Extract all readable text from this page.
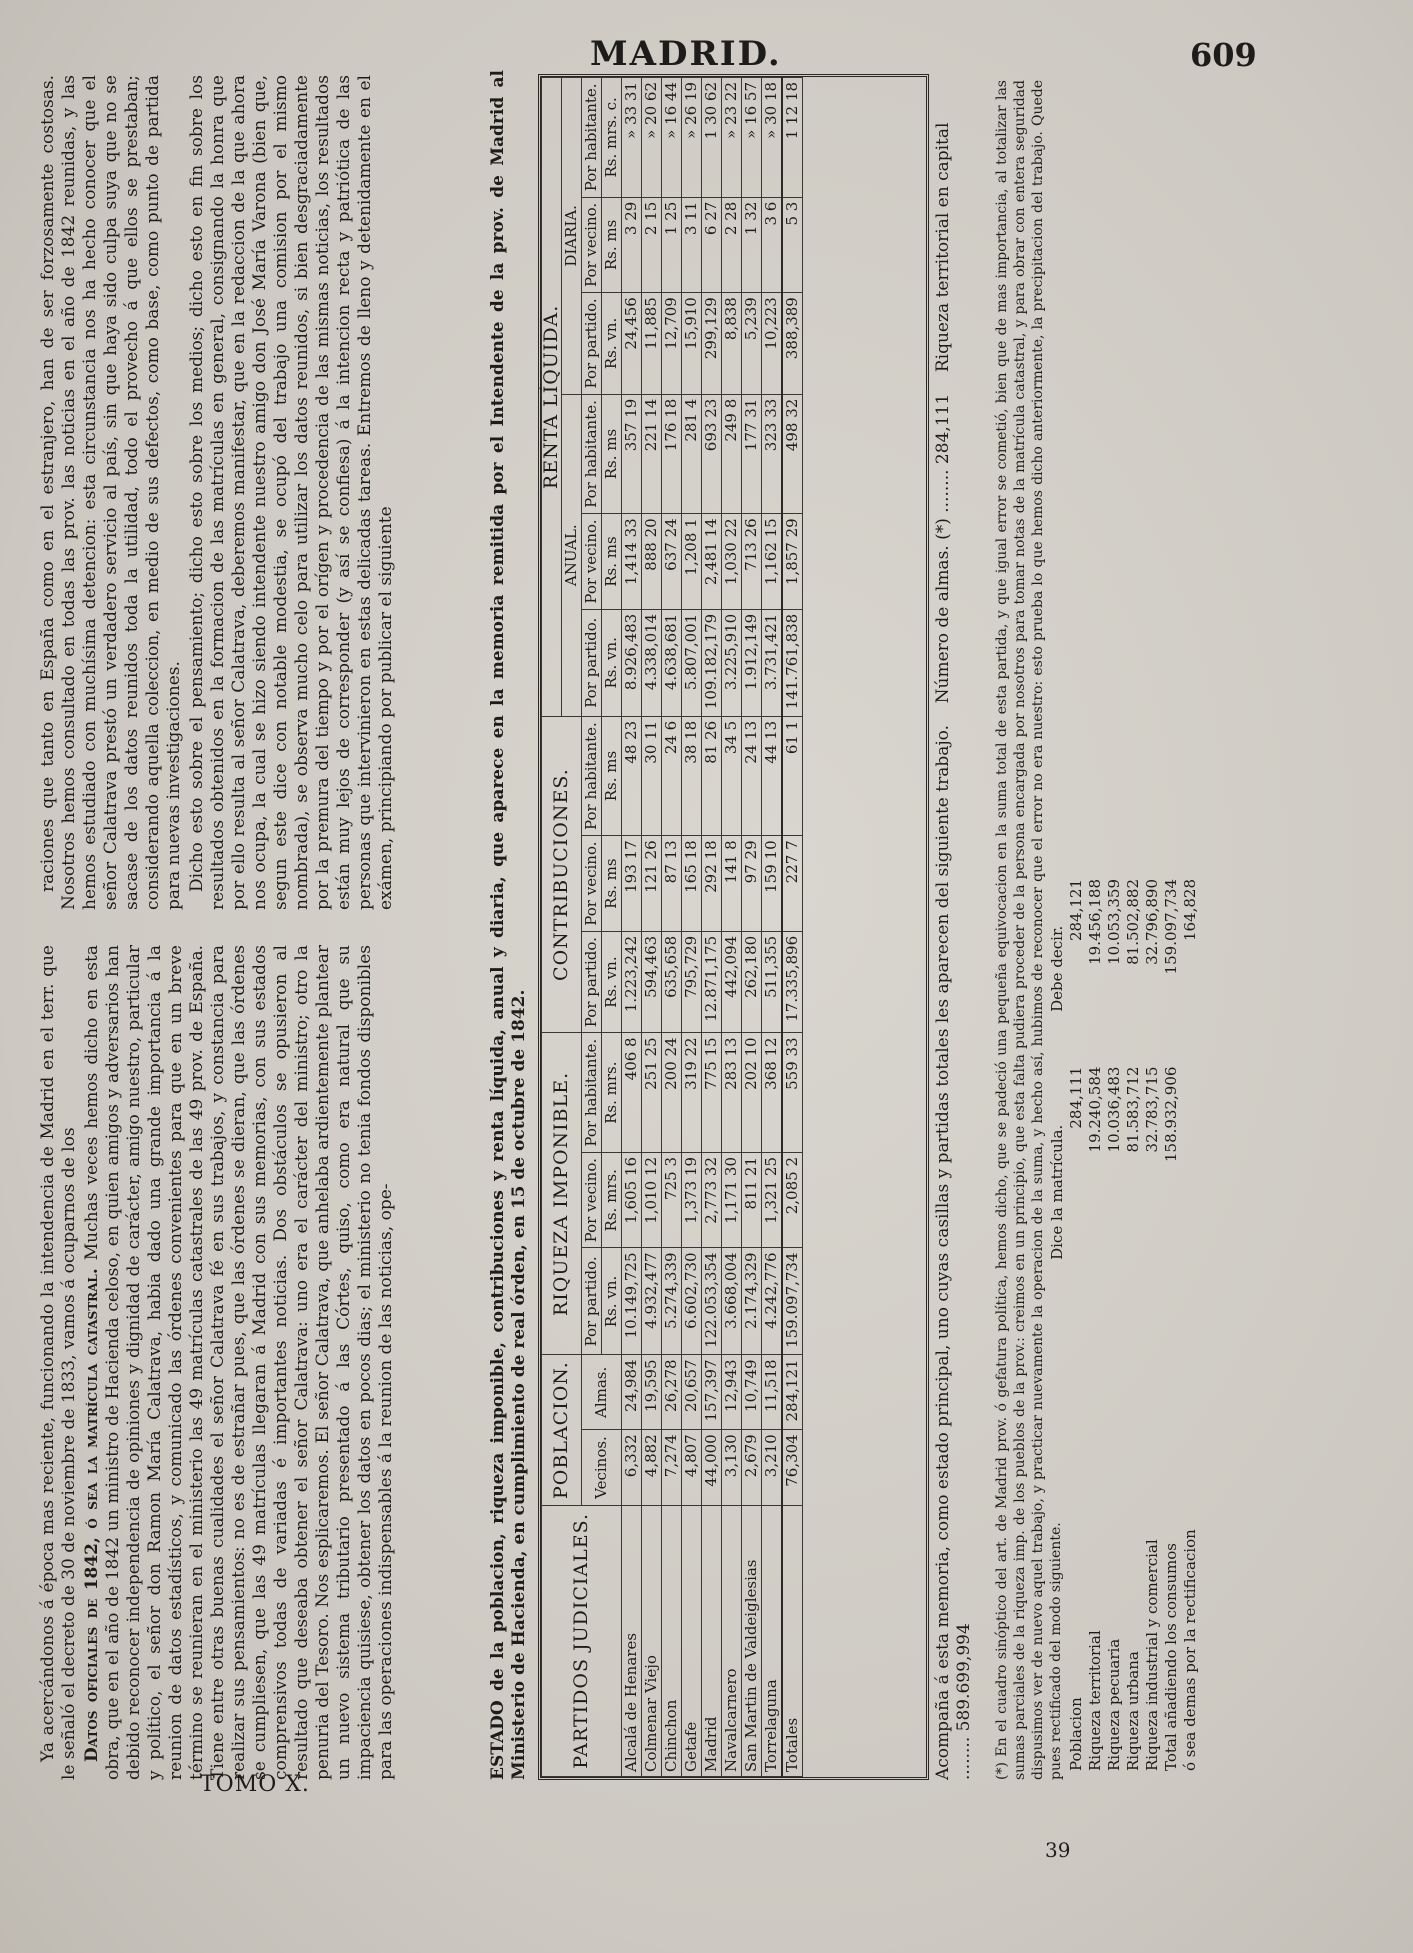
MADRID.	609

Ya acercándonos á época mas reciente, funcionando la intendencia de Madrid en el terr. que le señaló el decreto de 30 de noviembre de 1833, vamos á ocuparnos de los Datos oficiales de 1842, ó sea la matrícula catastral. Muchas veces hemos dicho en esta obra, que en el año de 1842 un ministro de Hacienda celoso, en quien amigos y adversarios han debido reconocer independencia de opiniones y dignidad de carácter, amigo nuestro, particular y político, el señor don Ramon María Calatrava, habia dado una grande importancia á la reunion de datos estadísticos, y comunicado las órdenes convenientes para que en un breve término se reunieran en el ministerio las 49 matrículas catastrales de las 49 prov. de España. Tiene entre otras buenas cualidades el señor Calatrava fé en sus trabajos, y constancia para realizar sus pensamientos: no es de estrañar pues, que las órdenes se dieran, que las órdenes se cumpliesen, que las 49 matrículas llegaran á Madrid con sus memorias, con sus estados comprensivos todas de variadas é importantes noticias. Dos obstáculos se opusieron al resultado que deseaba obtener el señor Calatrava: uno era el carácter del ministro; otro la penuria del Tesoro. Nos esplicaremos. El señor Calatrava, que anhelaba ardientemente plantear un nuevo sistema tributario presentado á las Córtes, quiso, como era natural que su impaciencia quisiese, obtener los datos en pocos dias; el ministerio no tenia fondos disponibles para las operaciones indispensables á la reunion de las noticias, ope-

raciones que tanto en España como en el estranjero, han de ser forzosamente costosas. Nosotros hemos consultado en todas las prov. las noticias en el año de 1842 reunidas, y las hemos estudiado con muchísima detencion: esta circunstancia nos ha hecho conocer que el señor Calatrava prestó un verdadero servicio al país, sin que haya sido culpa suya que no se sacase de los datos reunidos toda la utilidad, todo el provecho á que ellos se prestaban; considerando aquella coleccion, en medio de sus defectos, como base, como punto de partida para nuevas investigaciones. Dicho esto sobre el pensamiento; dicho esto sobre los medios; dicho esto en fin sobre los resultados obtenidos en la formacion de las matrículas en general, consignando la honra que por ello resulta al señor Calatrava, deberemos manifestar, que en la redaccion de la que ahora nos ocupa, la cual se hizo siendo intendente nuestro amigo don José María Varona (bien que, segun este dice con notable modestia, se ocupó del trabajo una comision por el mismo nombrada), se observa mucho celo para utilizar los datos reunidos, si bien desgraciadamente por la premura del tiempo y por el orígen y procedencia de las mismas noticias, los resultados están muy lejos de corresponder (y así se confiesa) á la intencion recta y patriótica de las personas que intervinieron en estas delicadas tareas. Entremos de lleno y detenidamente en el exámen, principiando por publicar el siguiente	ESTADO de la poblacion, riqueza imponible, contribuciones y renta líquida, anual y diaria, que aparece en la memoria remitida por el Intendente de la prov. de Madrid al Ministerio de Hacienda, en cumplimiento de real órden, en 15 de octubre de 1842. PARTIDOS JUDICIALES.	POBLACION.		RIQUEZA IMPONIBLE.			CONTRIBUCIONES.			RENTA LÍQUIDA.					
									ANUAL.			DIARIA.		
	Vecinos.	Almas.	Por partido.	Por vecino.	Por habitante.	Por partido.	Por vecino.	Por habitante.	Por partido.	Por vecino.	Por habitante.	Por partido.	Por vecino.	Por habitante.
			Rs. vn.	Rs. mrs.	Rs. mrs.	Rs. vn.	Rs. ms	Rs. ms	Rs. vn.	Rs. ms	Rs. ms	Rs. vn.	Rs. ms	Rs. mrs. c.
Alcalá de Henares	6,332	24,984	10.149,725	1,605 16	406 8	1.223,242	193 17	48 23	8.926,483	1,414 33	357 19	24,456	3 29	» 33 31
Colmenar Viejo	4,882	19,595	4.932,477	1,010 12	251 25	594,463	121 26	30 11	4.338,014	888 20	221 14	11,885	2 15	» 20 62
Chinchon	7,274	26,278	5.274,339	725 3	200 24	635,658	87 13	24 6	4.638,681	637 24	176 18	12,709	1 25	» 16 44
Getafe	4,807	20,657	6.602,730	1,373 19	319 22	795,729	165 18	38 18	5.807,001	1,208 1	281 4	15,910	3 11	» 26 19
Madrid	44,000	157,397	122.053,354	2,773 32	775 15	12.871,175	292 18	81 26	109.182,179	2,481 14	693 23	299,129	6 27	1 30 62
Navalcarnero	3,130	12,943	3.668,004	1,171 30	283 13	442,094	141 8	34 5	3.225,910	1,030 22	249 8	8,838	2 28	» 23 22
San Martin de Valdeiglesias	2,679	10,749	2.174,329	811 21	202 10	262,180	97 29	24 13	1.912,149	713 26	177 31	5,239	1 32	» 16 57
Torrelaguna	3,210	11,518	4.242,776	1,321 25	368 12	511,355	159 10	44 13	3.731,421	1,162 15	323 33	10,223	3 6	» 30 18
Totales	76,304	284,121	159.097,734	2,085 2	559 33	17.335,896	227 7	61 1	141.761,838	1,857 29	498 32	388,389	5 3	1 12 18
Acompaña á esta memoria, como estado principal, uno cuyas casillas y partidas totales les aparecen del siguiente trabajo.    Número de almas. (*) ........ 284,111    Riqueza territorial en capital ........ 589.699,994 (*) En el cuadro sinóptico del art. de Madrid prov. ó gefatura política, hemos dicho, que se padeció una pequeña equivocacion en la suma total de esta partida, y que igual error se cometió, bien que de mas importancia, al totalizar las sumas parciales de la riqueza imp. de los pueblos de la prov.: creimos en un principio, que esta falta pudiera proceder de la persona encargada por nosotros para tomar notas de la matrícula catastral, y para obrar con entera seguridad dispusimos ver de nuevo aquel trabajo, y practicar nuevamente la operacion de la suma, y hecho así, hubimos de reconocer que el error no era nuestro: esto prueba lo que hemos dicho anteriormente, la precipitacion del trabajo. Quede pues rectificado del modo siguiente.
	Dice la matrícula.	Debe decir.
Poblacion	284,111	284,121
Riqueza territorial	19.240,584	19.456,188
Riqueza pecuaria	10.036,483	10.053,359
Riqueza urbana	81.583,712	81.502,882
Riqueza industrial y comercial	32.783,715	32.796,890
Total añadiendo los consumos	158.932,906	159.097,734
ó sea demas por la rectificacion		164,828
TOMO X.
39
